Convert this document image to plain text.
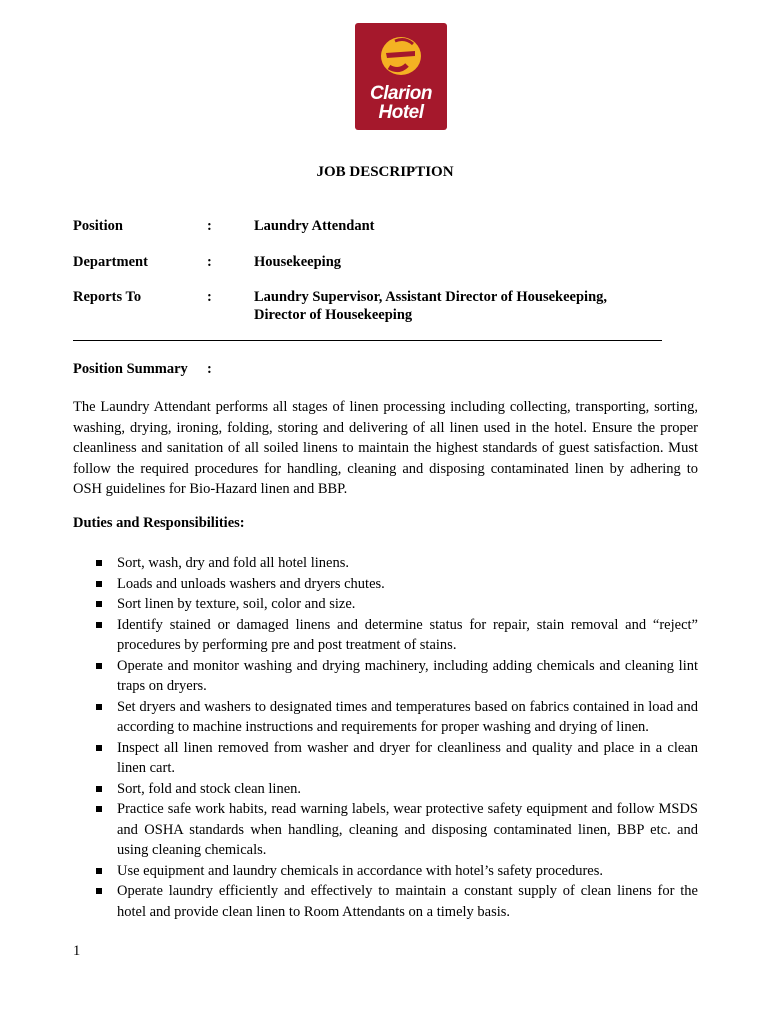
Clarion
Hotel
JOB DESCRIPTION
Position	:	Laundry Attendant
Department	:	Housekeeping
Reports To	:	Laundry Supervisor, Assistant Director of Housekeeping,
Director of Housekeeping
Position Summary :

The Laundry Attendant performs all stages of linen processing including collecting, transporting, sorting, washing, drying, ironing, folding, storing and delivering of all linen used in the hotel. Ensure the proper cleanliness and sanitation of all soiled linens to maintain the highest standards of guest satisfaction. Must follow the required procedures for handling, cleaning and disposing contaminated linen by adhering to OSH guidelines for Bio-Hazard linen and BBP.

Duties and Responsibilities:
Sort, wash, dry and fold all hotel linens.
Loads and unloads washers and dryers chutes.
Sort linen by texture, soil, color and size.
Identify stained or damaged linens and determine status for repair, stain removal and “reject” procedures by performing pre and post treatment of stains.
Operate and monitor washing and drying machinery, including adding chemicals and cleaning lint traps on dryers.
Set dryers and washers to designated times and temperatures based on fabrics contained in load and according to machine instructions and requirements for proper washing and drying of linen.
Inspect all linen removed from washer and dryer for cleanliness and quality and place in a clean linen cart.
Sort, fold and stock clean linen.
Practice safe work habits, read warning labels, wear protective safety equipment and follow MSDS and OSHA standards when handling, cleaning and disposing contaminated linen, BBP etc. and using cleaning chemicals.
Use equipment and laundry chemicals in accordance with hotel’s safety procedures.
Operate laundry efficiently and effectively to maintain a constant supply of clean linens for the hotel and provide clean linen to Room Attendants on a timely basis.
1
